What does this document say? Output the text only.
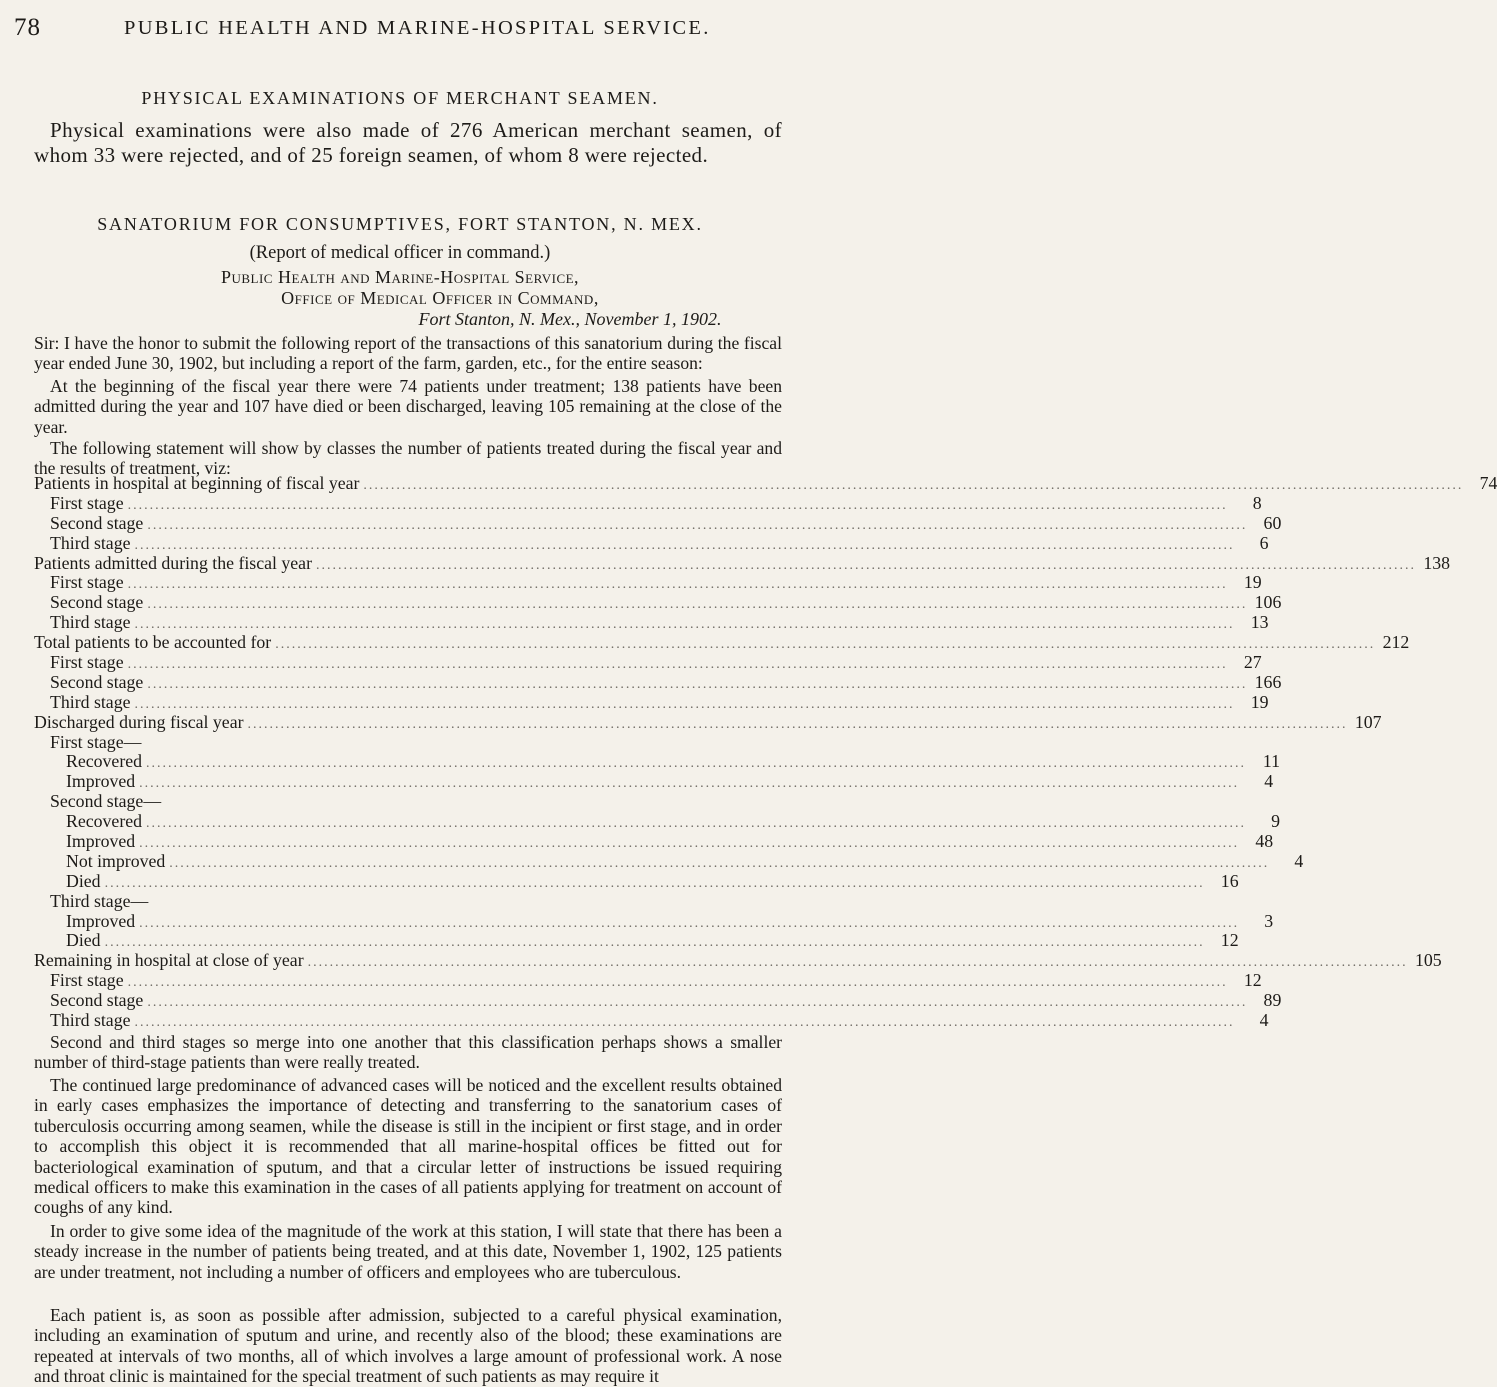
78	PUBLIC HEALTH AND MARINE-HOSPITAL SERVICE.
PHYSICAL EXAMINATIONS OF MERCHANT SEAMEN.
Physical examinations were also made of 276 American merchant seamen, of whom 33 were rejected, and of 25 foreign seamen, of whom 8 were rejected.
SANATORIUM FOR CONSUMPTIVES, FORT STANTON, N. MEX.
(Report of medical officer in command.)
Public Health and Marine-Hospital Service,
Office of Medical Officer in Command,
Fort Stanton, N. Mex., November 1, 1902.
Sir: I have the honor to submit the following report of the transactions of this sanatorium during the fiscal year ended June 30, 1902, but including a report of the farm, garden, etc., for the entire season:
At the beginning of the fiscal year there were 74 patients under treatment; 138 patients have been admitted during the year and 107 have died or been discharged, leaving 105 remaining at the close of the year.
The following statement will show by classes the number of patients treated during the fiscal year and the results of treatment, viz:
Patients in hospital at beginning of fiscal year ........................................................................................................................................................................................................ 74
First stage ........................................................................................................................................................................................................	8
Second stage ........................................................................................................................................................................................................ 60
Third stage ........................................................................................................................................................................................................	6
Patients admitted during the fiscal year ........................................................................................................................................................................................................ 138
First stage ........................................................................................................................................................................................................ 19
Second stage ........................................................................................................................................................................................................ 106
Third stage ........................................................................................................................................................................................................ 13
Total patients to be accounted for ........................................................................................................................................................................................................ 212
First stage ........................................................................................................................................................................................................ 27
Second stage ........................................................................................................................................................................................................ 166
Third stage ........................................................................................................................................................................................................ 19
Discharged during fiscal year ........................................................................................................................................................................................................ 107
First stage—
Recovered ........................................................................................................................................................................................................ 11
Improved ........................................................................................................................................................................................................	4
Second stage—
Recovered ........................................................................................................................................................................................................	9
Improved ........................................................................................................................................................................................................ 48
Not improved ........................................................................................................................................................................................................	4
Died ........................................................................................................................................................................................................ 16
Third stage—
Improved ........................................................................................................................................................................................................	3
Died ........................................................................................................................................................................................................ 12
Remaining in hospital at close of year ........................................................................................................................................................................................................ 105
First stage ........................................................................................................................................................................................................ 12
Second stage ........................................................................................................................................................................................................ 89
Third stage ........................................................................................................................................................................................................	4
Second and third stages so merge into one another that this classification perhaps shows a smaller number of third-stage patients than were really treated.
The continued large predominance of advanced cases will be noticed and the excellent results obtained in early cases emphasizes the importance of detecting and transferring to the sanatorium cases of tuberculosis occurring among seamen, while the disease is still in the incipient or first stage, and in order to accomplish this object it is recommended that all marine-hospital offices be fitted out for bacteriological examination of sputum, and that a circular letter of instructions be issued requiring medical officers to make this examination in the cases of all patients applying for treatment on account of coughs of any kind.
In order to give some idea of the magnitude of the work at this station, I will state that there has been a steady increase in the number of patients being treated, and at this date, November 1, 1902, 125 patients are under treatment, not including a number of officers and employees who are tuberculous.
Each patient is, as soon as possible after admission, subjected to a careful physical examination, including an examination of sputum and urine, and recently also of the blood; these examinations are repeated at intervals of two months, all of which involves a large amount of professional work. A nose and throat clinic is maintained for the special treatment of such patients as may require it
